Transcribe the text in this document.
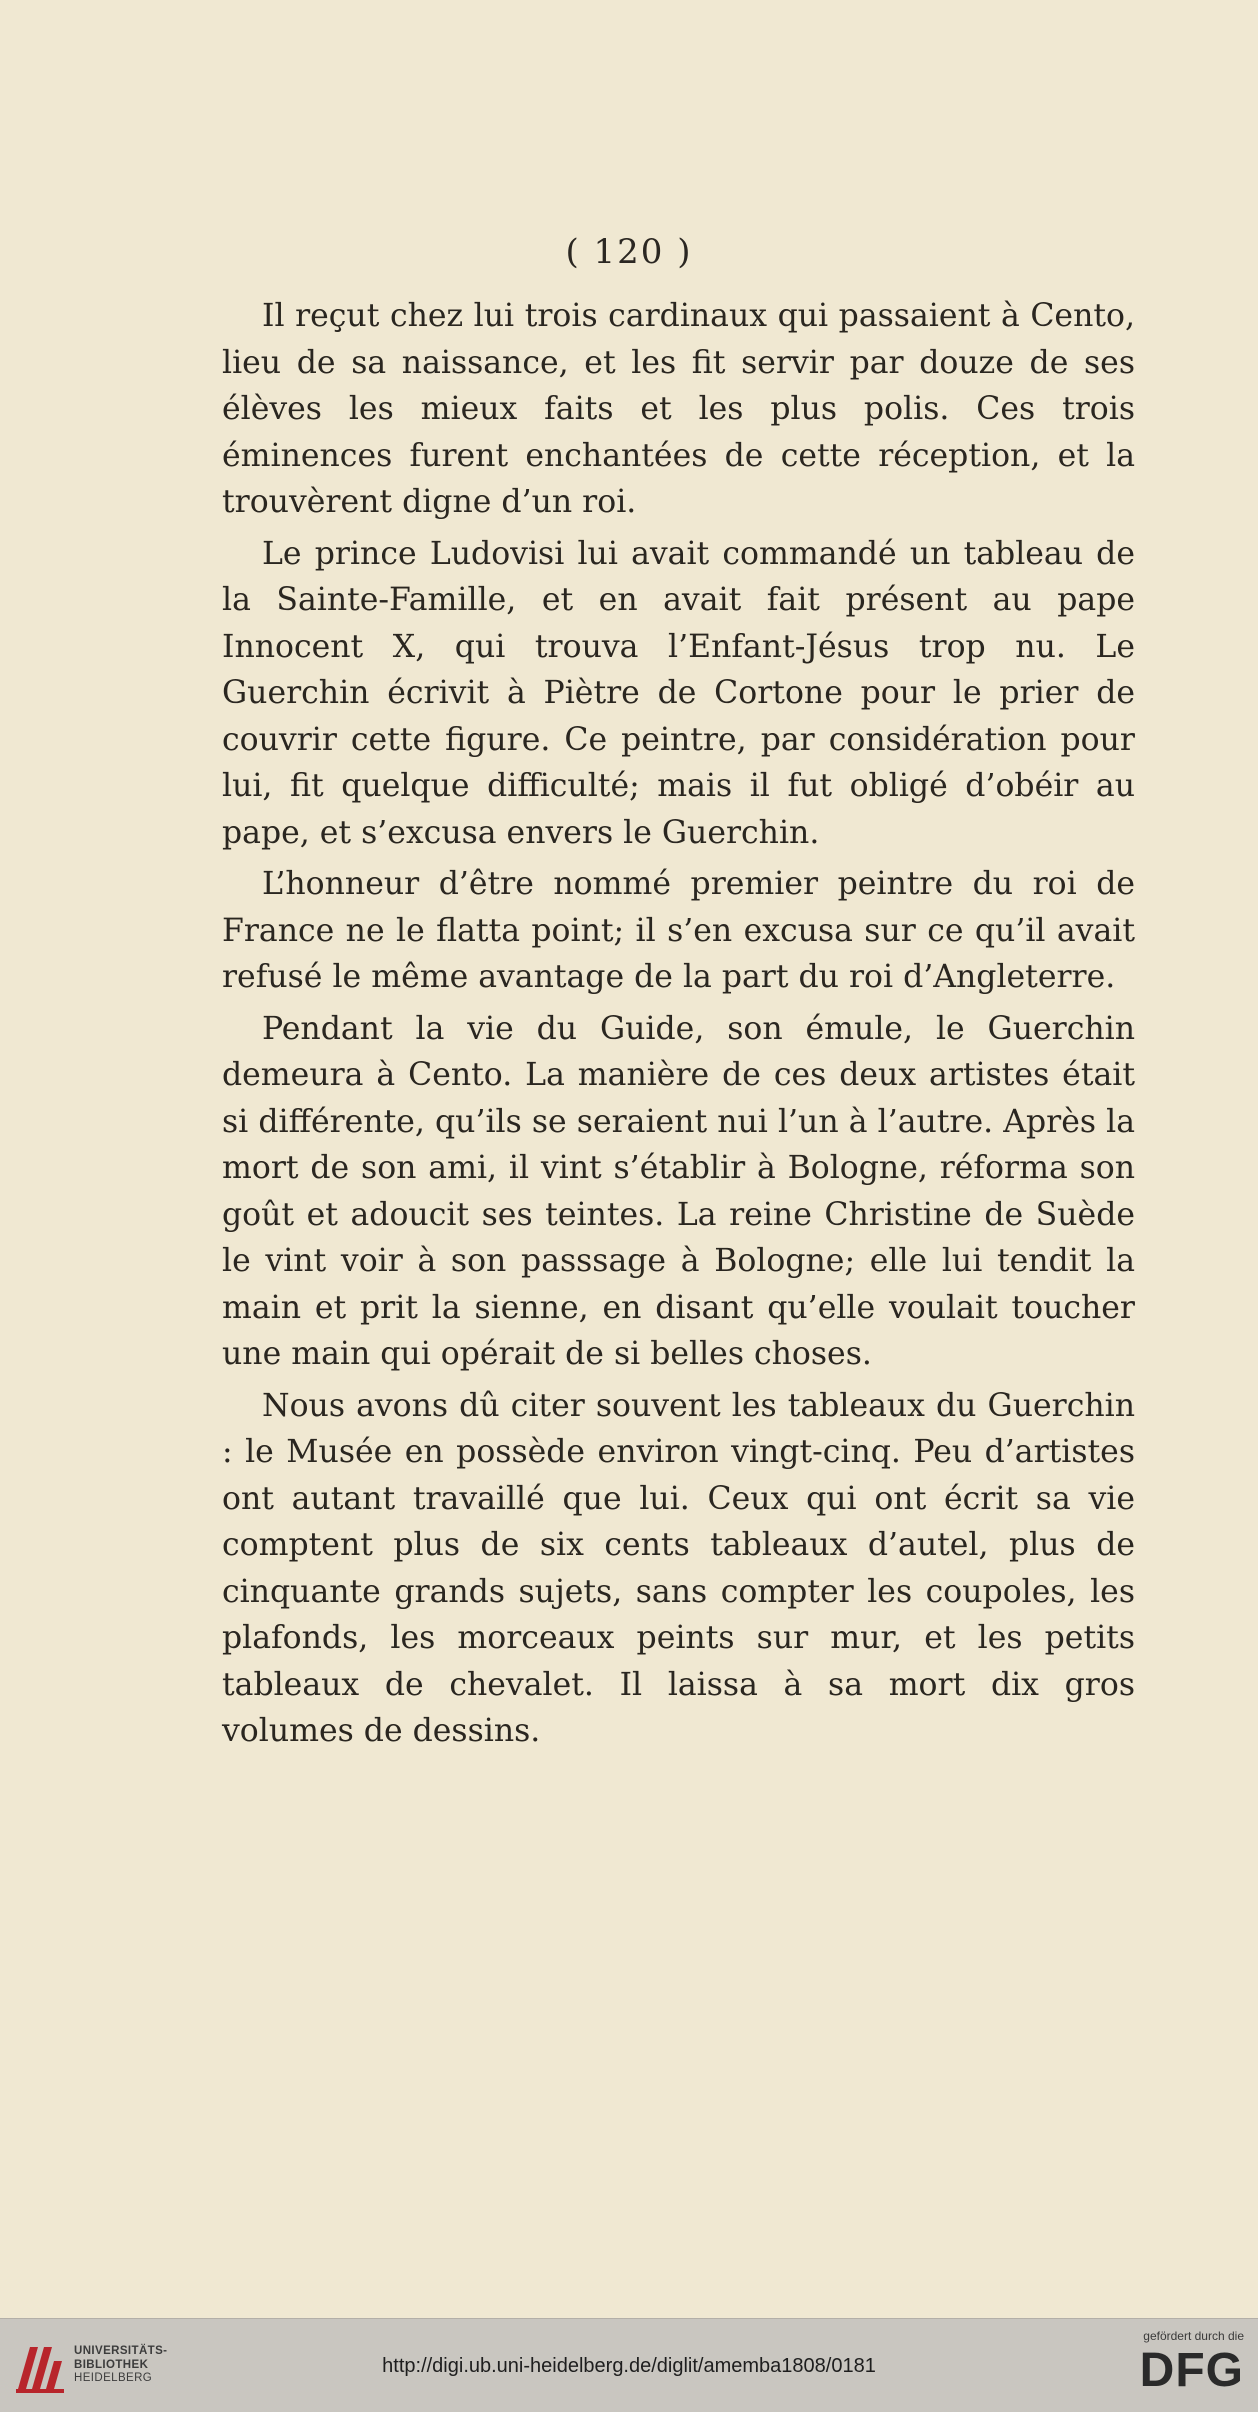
( 120 )

Il reçut chez lui trois cardinaux qui passaient à Cento, lieu de sa naissance, et les fit servir par douze de ses élèves les mieux faits et les plus polis. Ces trois éminences furent enchantées de cette réception, et la trouvèrent digne d’un roi.

Le prince Ludovisi lui avait commandé un tableau de la Sainte-Famille, et en avait fait présent au pape Innocent X, qui trouva l’Enfant-Jésus trop nu. Le Guerchin écrivit à Piètre de Cortone pour le prier de couvrir cette figure. Ce peintre, par considération pour lui, fit quelque difficulté; mais il fut obligé d’obéir au pape, et s’excusa envers le Guerchin.

L’honneur d’être nommé premier peintre du roi de France ne le flatta point; il s’en excusa sur ce qu’il avait refusé le même avantage de la part du roi d’Angleterre.

Pendant la vie du Guide, son émule, le Guerchin demeura à Cento. La manière de ces deux artistes était si différente, qu’ils se seraient nui l’un à l’autre. Après la mort de son ami, il vint s’établir à Bologne, réforma son goût et adoucit ses teintes. La reine Christine de Suède le vint voir à son passsage à Bologne; elle lui tendit la main et prit la sienne, en disant qu’elle voulait toucher une main qui opérait de si belles choses.

Nous avons dû citer souvent les tableaux du Guerchin : le Musée en possède environ vingt-cinq. Peu d’artistes ont autant travaillé que lui. Ceux qui ont écrit sa vie comptent plus de six cents tableaux d’autel, plus de cinquante grands sujets, sans compter les coupoles, les plafonds, les morceaux peints sur mur, et les petits tableaux de chevalet. Il laissa à sa mort dix gros volumes de dessins.

UNIVERSITÄTS-
BIBLIOTHEK
HEIDELBERG
http://digi.ub.uni-heidelberg.de/diglit/amemba1808/0181
gefördert durch die
DFG
